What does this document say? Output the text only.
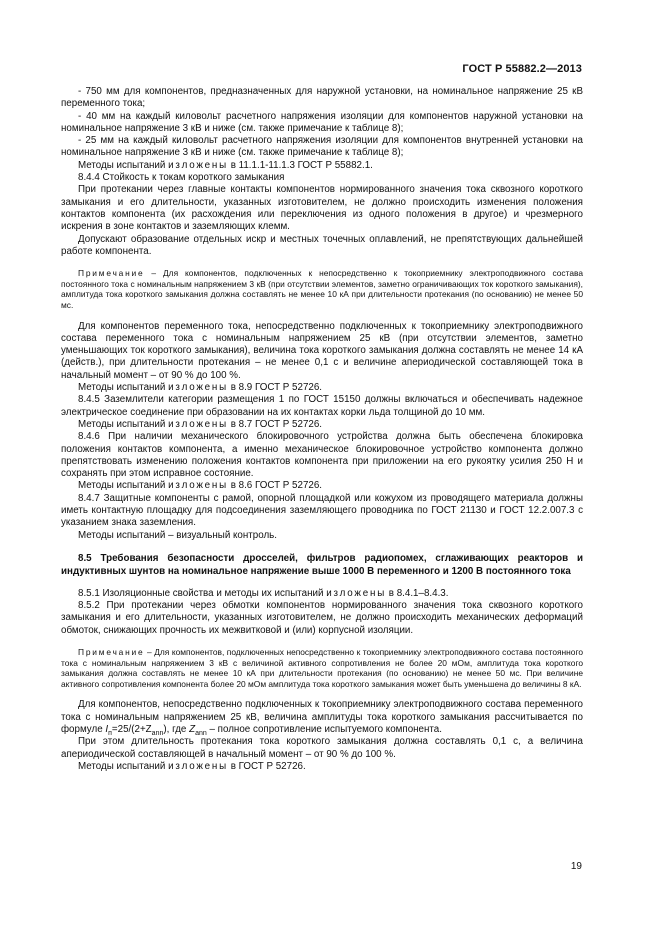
ГОСТ Р 55882.2—2013

- 750 мм для компонентов, предназначенных для наружной установки, на номинальное напряжение 25 кВ переменного тока;

- 40 мм на каждый киловольт расчетного напряжения изоляции для компонентов наружной установки на номинальное напряжение 3 кВ и ниже (см. также примечание к таблице 8);

- 25 мм на каждый киловольт расчетного напряжения изоляции для компонентов внутренней установки на номинальное напряжение 3 кВ и ниже (см. также примечание к таблице 8);

Методы испытаний изложены в 11.1.1-11.1.3 ГОСТ Р 55882.1.

8.4.4 Стойкость к токам короткого замыкания

При протекании через главные контакты компонентов нормированного значения тока сквозного короткого замыкания и его длительности, указанных изготовителем, не должно происходить изменения положения контактов компонента (их расхождения или переключения из одного положения в другое) и чрезмерного искрения в зоне контактов и заземляющих клемм.

Допускают образование отдельных искр и местных точечных оплавлений, не препятствующих дальнейшей работе компонента.

Примечание – Для компонентов, подключенных к непосредственно к токоприемнику электроподвижного состава постоянного тока с номинальным напряжением 3 кВ (при отсутствии элементов, заметно ограничивающих ток короткого замыкания), амплитуда тока короткого замыкания должна составлять не менее 10 кА при длительности протекания (по основанию) не менее 50 мс.

Для компонентов переменного тока, непосредственно подключенных к токоприемнику электроподвижного состава переменного тока с номинальным напряжением 25 кВ (при отсутствии элементов, заметно уменьшающих ток короткого замыкания), величина тока короткого замыкания должна составлять не менее 14 кА (действ.), при длительности протекания – не менее 0,1 с и величине апериодической составляющей тока в начальный момент – от 90 % до 100 %.

Методы испытаний изложены в 8.9 ГОСТ Р 52726.

8.4.5 Заземлители категории размещения 1 по ГОСТ 15150 должны включаться и обеспечивать надежное электрическое соединение при образовании на их контактах корки льда толщиной до 10 мм.

Методы испытаний изложены в 8.7 ГОСТ Р 52726.

8.4.6 При наличии механического блокировочного устройства должна быть обеспечена блокировка положения контактов компонента, а именно механическое блокировочное устройство компонента должно препятствовать изменению положения контактов компонента при приложении на его рукоятку усилия 250 Н и сохранять при этом исправное состояние.

Методы испытаний изложены в 8.6 ГОСТ Р 52726.

8.4.7 Защитные компоненты с рамой, опорной площадкой или кожухом из проводящего материала должны иметь контактную площадку для подсоединения заземляющего проводника по ГОСТ 21130 и ГОСТ 12.2.007.3 с указанием знака заземления.

Методы испытаний – визуальный контроль.

8.5 Требования безопасности дросселей, фильтров радиопомех, сглаживающих реакторов и индуктивных шунтов на номинальное напряжение выше 1000 В переменного и 1200 В постоянного тока

8.5.1 Изоляционные свойства и методы их испытаний изложены в 8.4.1–8.4.3.

8.5.2 При протекании через обмотки компонентов нормированного значения тока сквозного короткого замыкания и его длительности, указанных изготовителем, не должно происходить механических деформаций обмоток, снижающих прочность их межвитковой и (или) корпусной изоляции.

Примечание – Для компонентов, подключенных непосредственно к токоприемнику электроподвижного состава постоянного тока с номинальным напряжением 3 кВ с величиной активного сопротивления не более 20 мОм, амплитуда тока короткого замыкания должна составлять не менее 10 кА при длительности протекания (по основанию) не менее 50 мс. При величине активного сопротивления компонента более 20 мОм амплитуда тока короткого замыкания может быть уменьшена до величины 8 кА.

Для компонентов, непосредственно подключенных к токоприемнику электроподвижного состава переменного тока с номинальным напряжением 25 кВ, величина амплитуды тока короткого замыкания рассчитывается по формуле $I_п=25/(2+Z_{ann})$, где $Z_{ann}$ – полное сопротивление испытуемого компонента.

При этом длительность протекания тока короткого замыкания должна составлять 0,1 с, а величина апериодической составляющей в начальный момент – от 90 % до 100 %.

Методы испытаний изложены в ГОСТ Р 52726.

19
